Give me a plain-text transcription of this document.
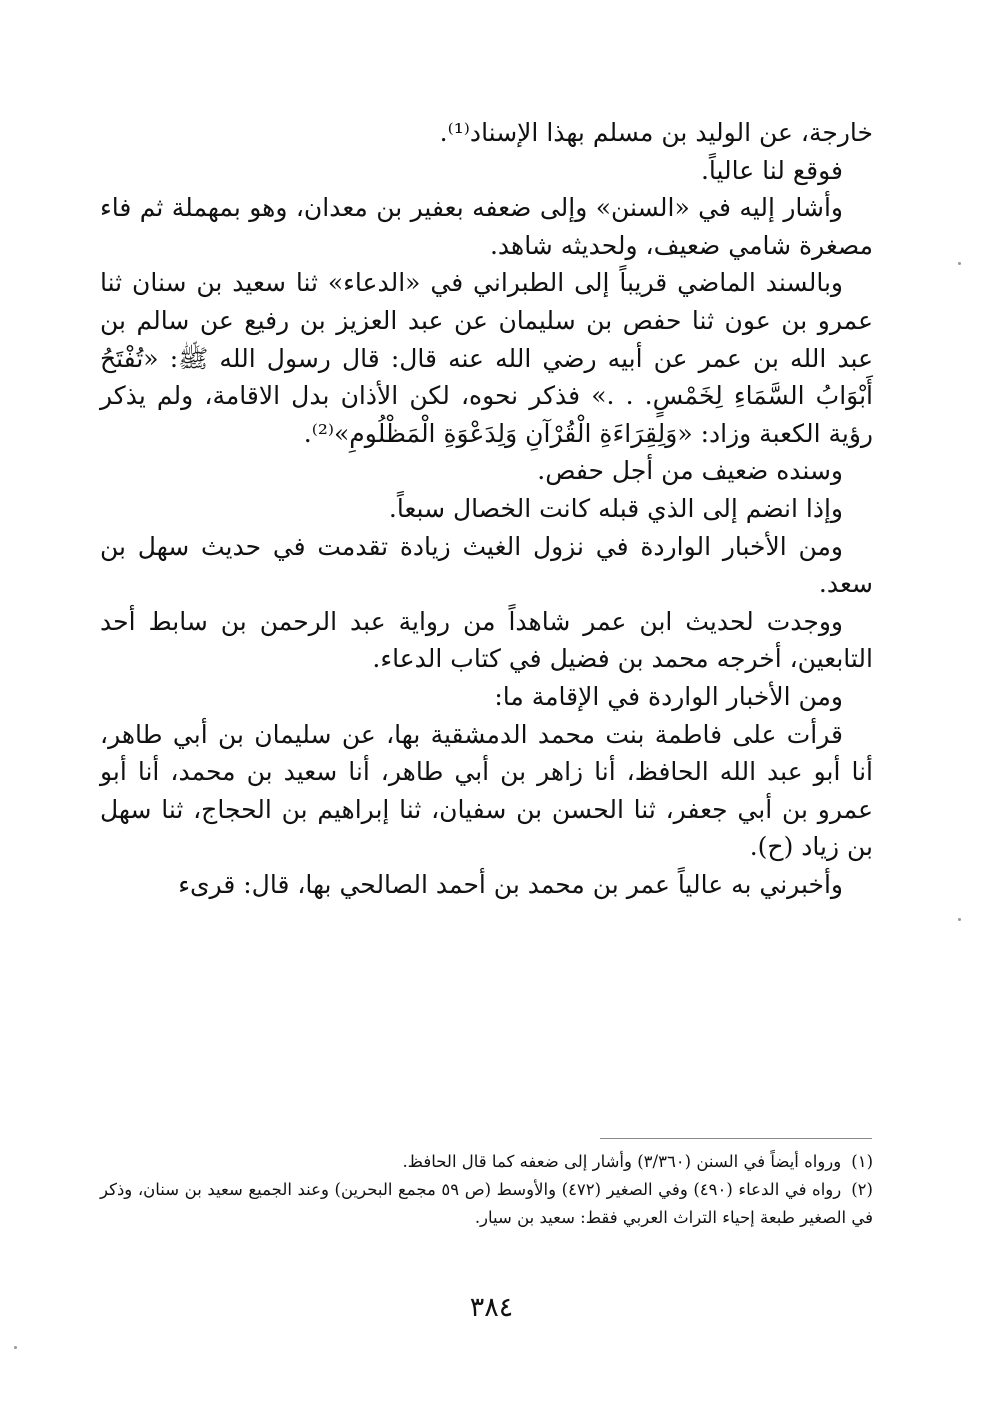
خارجة، عن الوليد بن مسلم بهذا الإسناد⁽¹⁾.

فوقع لنا عالياً.

وأشار إليه في «السنن» وإلى ضعفه بعفير بن معدان، وهو بمهملة ثم فاء مصغرة شامي ضعيف، ولحديثه شاهد.

وبالسند الماضي قريباً إلى الطبراني في «الدعاء» ثنا سعيد بن سنان ثنا عمرو بن عون ثنا حفص بن سليمان عن عبد العزيز بن رفيع عن سالم بن عبد الله بن عمر عن أبيه رضي الله عنه قال: قال رسول الله ﷺ: «تُفْتَحُ أَبْوَابُ السَّمَاءِ لِخَمْسٍ. . .» فذكر نحوه، لكن الأذان بدل الاقامة، ولم يذكر رؤية الكعبة وزاد: «وَلِقِرَاءَةِ الْقُرْآنِ وَلِدَعْوَةِ الْمَظْلُومِ»⁽²⁾.

وسنده ضعيف من أجل حفص.

وإذا انضم إلى الذي قبله كانت الخصال سبعاً.

ومن الأخبار الواردة في نزول الغيث زيادة تقدمت في حديث سهل بن سعد.

ووجدت لحديث ابن عمر شاهداً من رواية عبد الرحمن بن سابط أحد التابعين، أخرجه محمد بن فضيل في كتاب الدعاء.

ومن الأخبار الواردة في الإقامة ما:

قرأت على فاطمة بنت محمد الدمشقية بها، عن سليمان بن أبي طاهر، أنا أبو عبد الله الحافظ، أنا زاهر بن أبي طاهر، أنا سعيد بن محمد، أنا أبو عمرو بن أبي جعفر، ثنا الحسن بن سفيان، ثنا إبراهيم بن الحجاج، ثنا سهل بن زياد (ح).

وأخبرني به عالياً عمر بن محمد بن أحمد الصالحي بها، قال: قرىء

(١)ورواه أيضاً في السنن (٣/٣٦٠) وأشار إلى ضعفه كما قال الحافظ.

(٢)رواه في الدعاء (٤٩٠) وفي الصغير (٤٧٢) والأوسط (ص ٥٩ مجمع البحرين) وعند الجميع سعيد بن سنان، وذكر في الصغير طبعة إحياء التراث العربي فقط: سعيد بن سيار.

٣٨٤
